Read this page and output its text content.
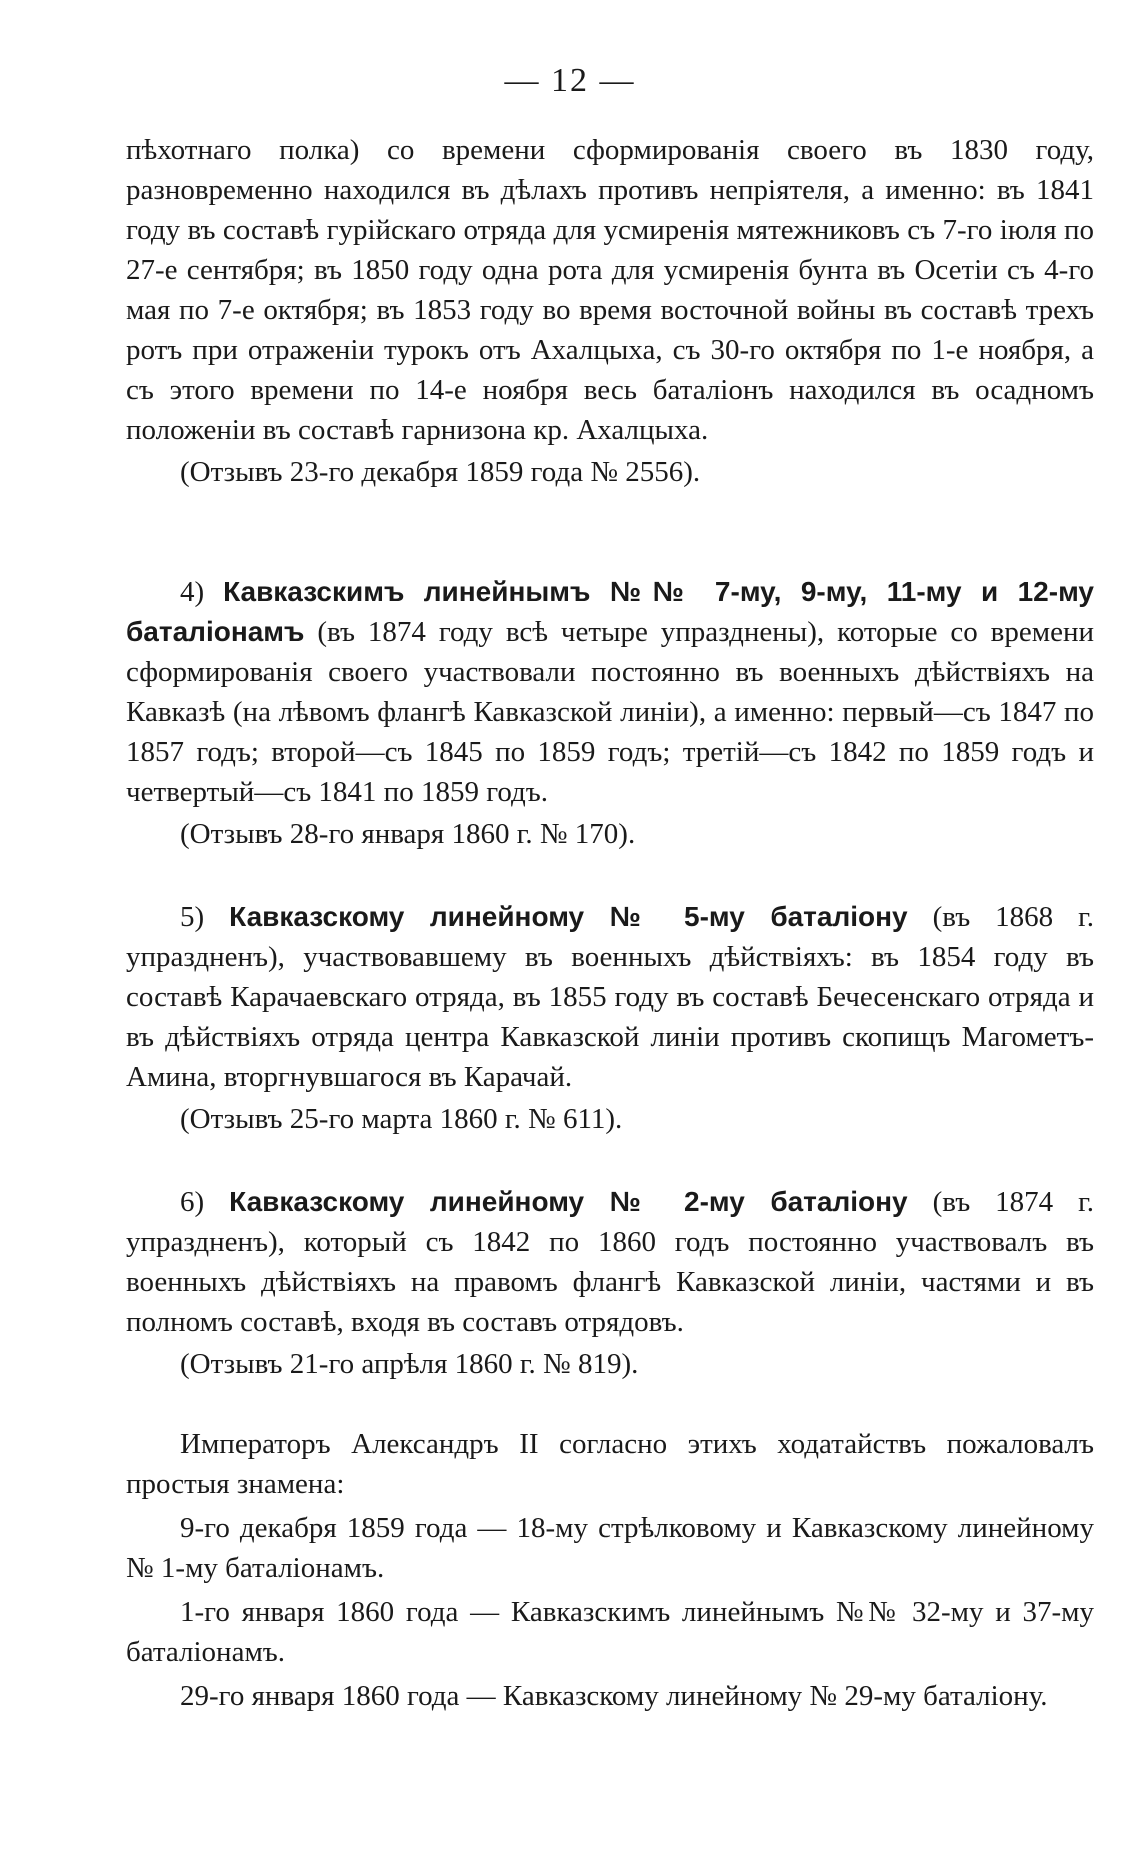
— 12 —

пѣхотнаго полка) со времени сформированія своего въ 1830 году, разновременно находился въ дѣлахъ противъ непріятеля, а именно: въ 1841 году въ составѣ гурійскаго отряда для усмиренія мятежниковъ съ 7-го іюля по 27-е сентября; въ 1850 году одна рота для усмиренія бунта въ Осетіи съ 4-го мая по 7-е октября; въ 1853 году во время восточной войны въ составѣ трехъ ротъ при отраженіи турокъ отъ Ахалцыха, съ 30-го октября по 1-е ноября, а съ этого времени по 14-е ноября весь баталіонъ находился въ осадномъ положеніи въ составѣ гарнизона кр. Ахалцыха.

(Отзывъ 23-го декабря 1859 года № 2556).

4) Кавказскимъ линейнымъ №№ 7-му, 9-му, 11-му и 12-му баталіонамъ (въ 1874 году всѣ четыре упразднены), которые со времени сформированія своего участвовали постоянно въ военныхъ дѣйствіяхъ на Кавказѣ (на лѣвомъ флангѣ Кавказской линіи), а именно: первый—съ 1847 по 1857 годъ; второй—съ 1845 по 1859 годъ; третій—съ 1842 по 1859 годъ и четвертый—съ 1841 по 1859 годъ.

(Отзывъ 28-го января 1860 г. № 170).

5) Кавказскому линейному № 5-му баталіону (въ 1868 г. упраздненъ), участвовавшему въ военныхъ дѣйствіяхъ: въ 1854 году въ составѣ Карачаевскаго отряда, въ 1855 году въ составѣ Бечесенскаго отряда и въ дѣйствіяхъ отряда центра Кавказской линіи противъ скопищъ Магометъ-Амина, вторгнувшагося въ Карачай.

(Отзывъ 25-го марта 1860 г. № 611).

6) Кавказскому линейному № 2-му баталіону (въ 1874 г. упраздненъ), который съ 1842 по 1860 годъ постоянно участвовалъ въ военныхъ дѣйствіяхъ на правомъ флангѣ Кавказской линіи, частями и въ полномъ составѣ, входя въ составъ отрядовъ.

(Отзывъ 21-го апрѣля 1860 г. № 819).

Императоръ Александръ II согласно этихъ ходатайствъ пожаловалъ простыя знамена:

9-го декабря 1859 года — 18-му стрѣлковому и Кавказскому линейному № 1-му баталіонамъ.

1-го января 1860 года — Кавказскимъ линейнымъ №№ 32-му и 37-му баталіонамъ.

29-го января 1860 года — Кавказскому линейному № 29-му баталіону.
